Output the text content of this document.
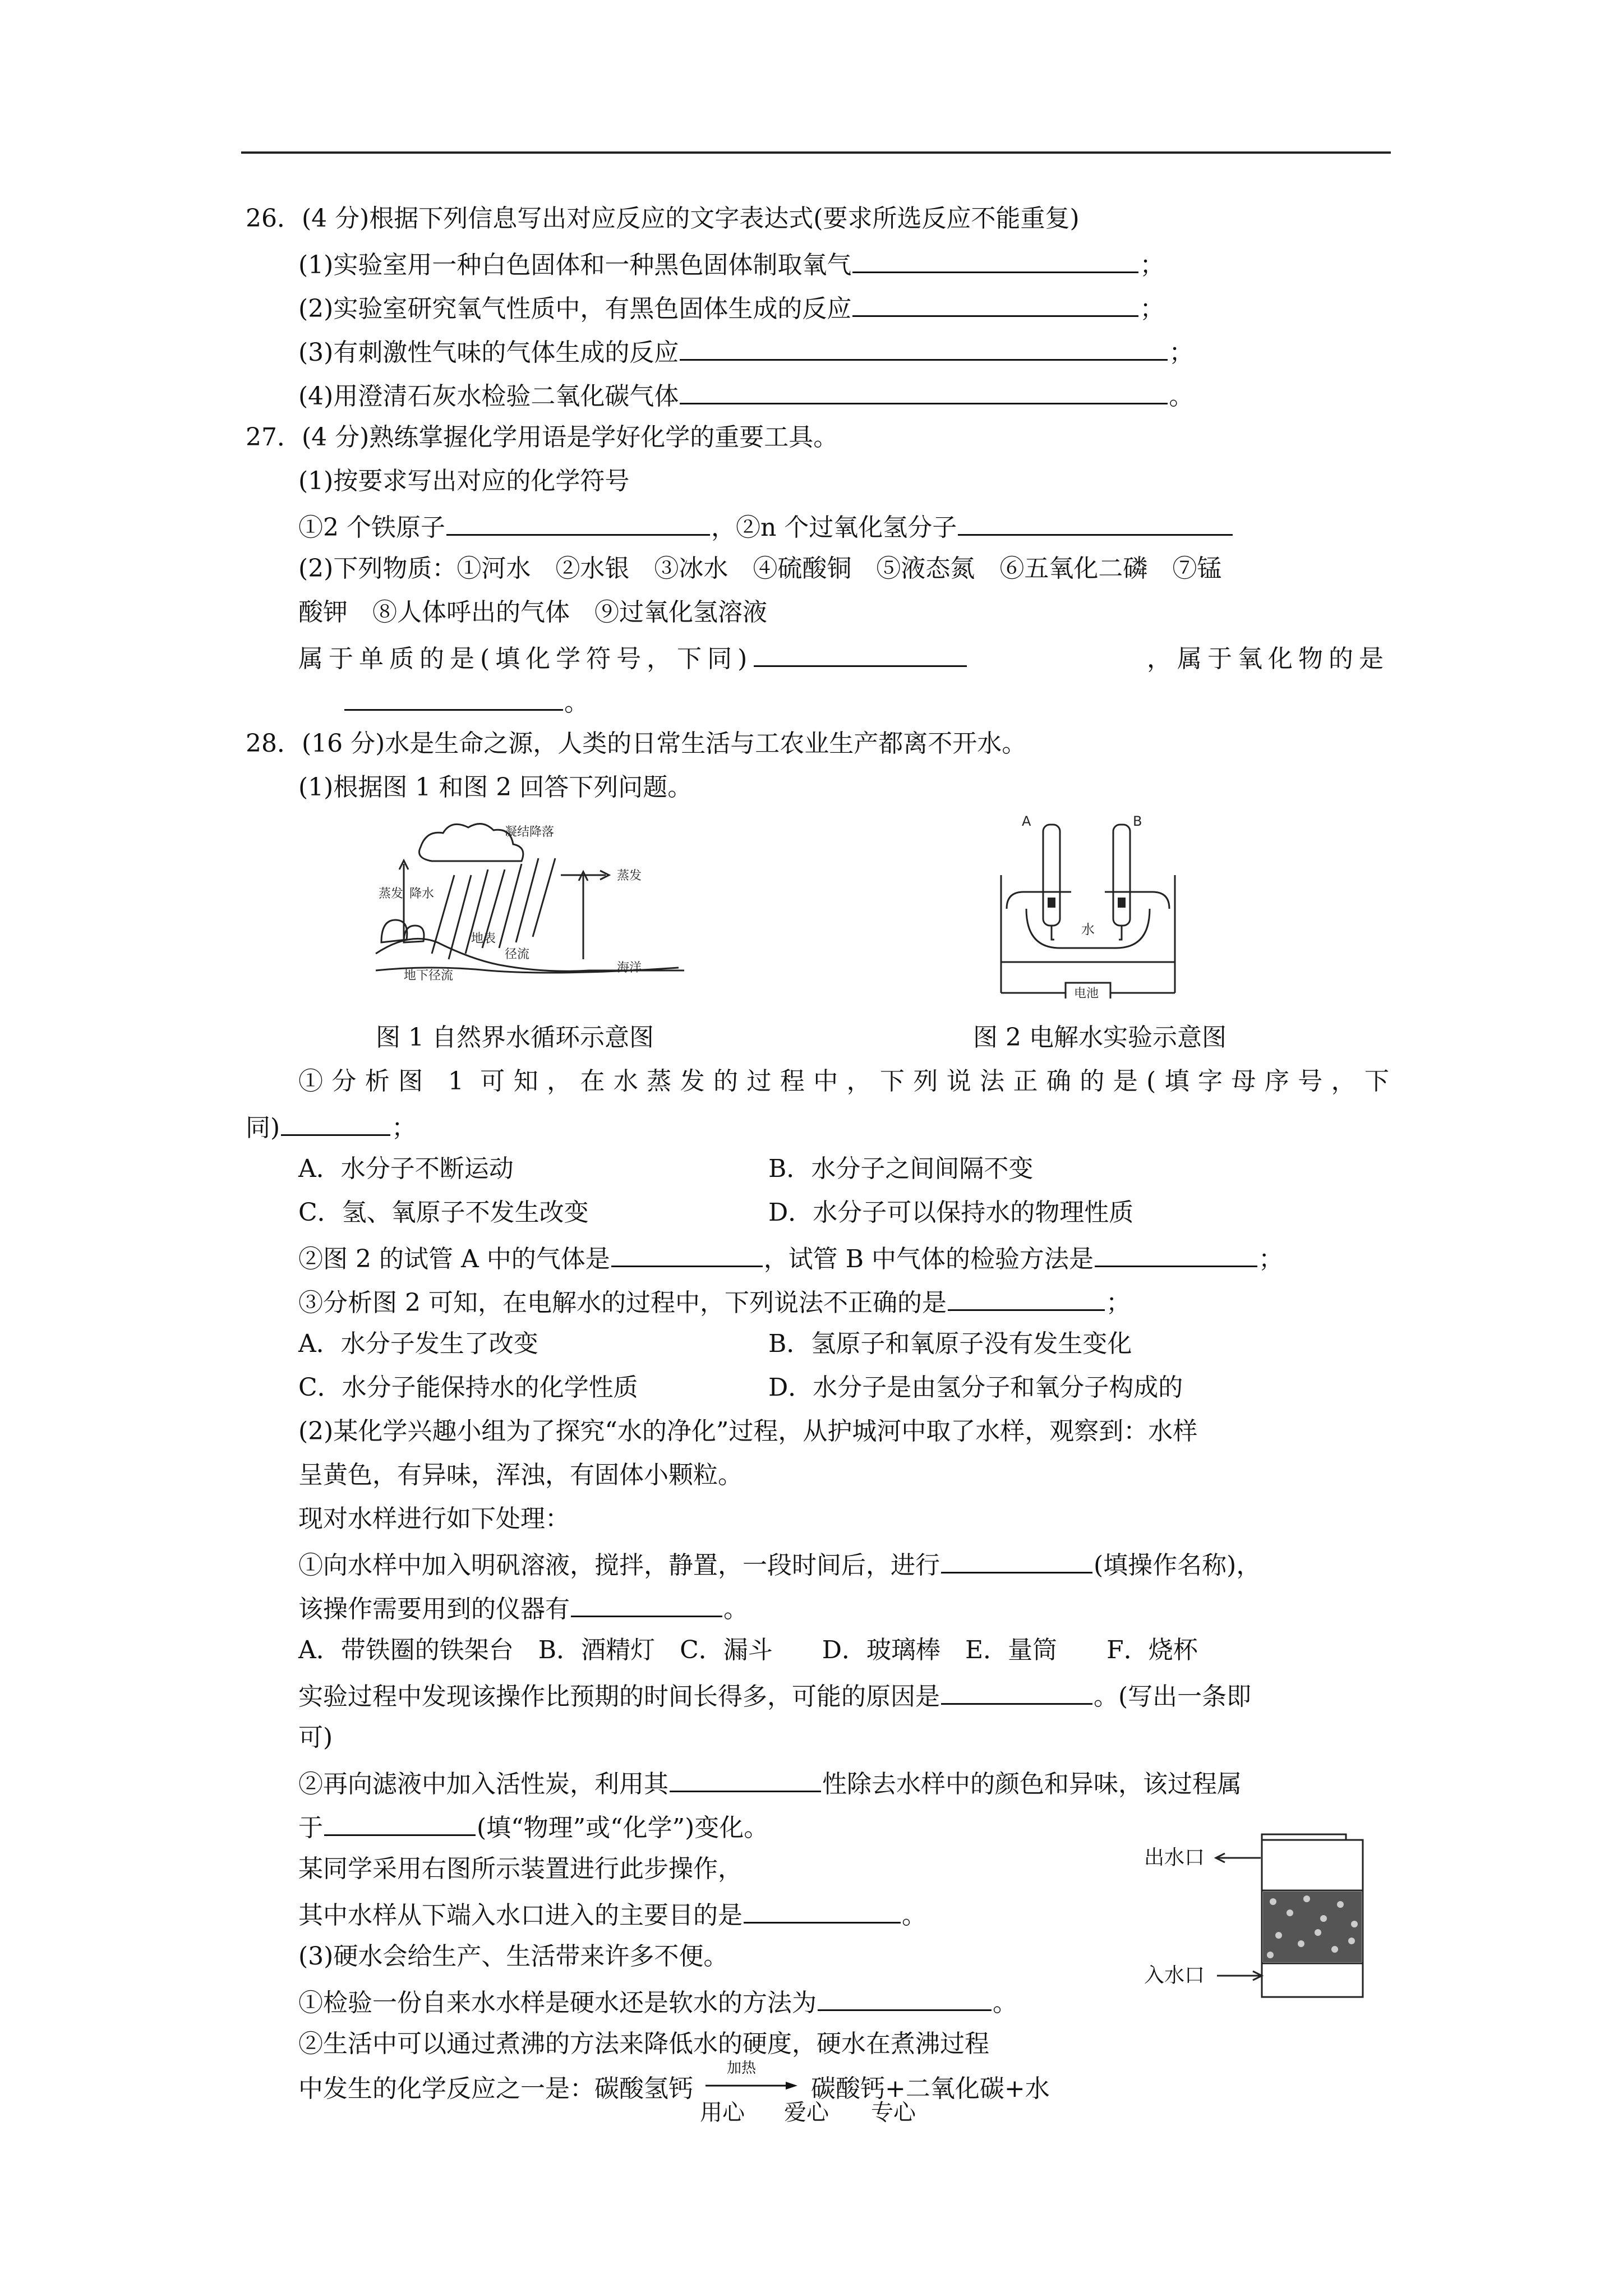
26．(4 分)根据下列信息写出对应反应的文字表达式(要求所选反应不能重复)
(1)实验室用一种白色固体和一种黑色固体制取氧气	；
(2)实验室研究氧气性质中，有黑色固体生成的反应	；
(3)有刺激性气味的气体生成的反应	；
(4)用澄清石灰水检验二氧化碳气体	。
27．(4 分)熟练掌握化学用语是学好化学的重要工具。
(1)按要求写出对应的化学符号
①2 个铁原子	，②n 个过氧化氢分子
(2)下列物质：①河水　②水银　③冰水　④硫酸铜　⑤液态氮　⑥五氧化二磷　⑦锰
酸钾　⑧人体呼出的气体　⑨过氧化氢溶液
属于单质的是(填化学符号，下同)	，属于氧化物的是
。
28．(16 分)水是生命之源，人类的日常生活与工农业生产都离不开水。
(1)根据图 1 和图 2 回答下列问题。
凝结降落
蒸发 降水
蒸发
地表
径流
地下径流
海洋
图 1 自然界水循环示意图
A	B
水
电池
图 2 电解水实验示意图
①分析图 1 可知，在水蒸发的过程中，下列说法正确的是(填字母序号，下
同)	；
A．水分子不断运动	B．水分子之间间隔不变
C．氢、氧原子不发生改变	D．水分子可以保持水的物理性质
②图 2 的试管 A 中的气体是	，试管 B 中气体的检验方法是	；
③分析图 2 可知，在电解水的过程中，下列说法不正确的是	；
A．水分子发生了改变	B．氢原子和氧原子没有发生变化
C．水分子能保持水的化学性质	D．水分子是由氢分子和氧分子构成的
(2)某化学兴趣小组为了探究“水的净化”过程，从护城河中取了水样，观察到：水样
呈黄色，有异味，浑浊，有固体小颗粒。
现对水样进行如下处理：
①向水样中加入明矾溶液，搅拌，静置，一段时间后，进行	(填操作名称)，
该操作需要用到的仪器有	。
A．带铁圈的铁架台　B．酒精灯　C．漏斗　　D．玻璃棒　E．量筒　　F．烧杯
实验过程中发现该操作比预期的时间长得多，可能的原因是	。(写出一条即
可)
②再向滤液中加入活性炭，利用其	性除去水样中的颜色和异味，该过程属
于	(填“物理”或“化学”)变化。
某同学采用右图所示装置进行此步操作，
其中水样从下端入水口进入的主要目的是	。
出水口
入水口
(3)硬水会给生产、生活带来许多不便。
①检验一份自来水水样是硬水还是软水的方法为	。
②生活中可以通过煮沸的方法来降低水的硬度，硬水在煮沸过程
中发生的化学反应之一是：碳酸氢钙
加热
碳酸钙+二氧化碳+水
用心 爱心 专心
